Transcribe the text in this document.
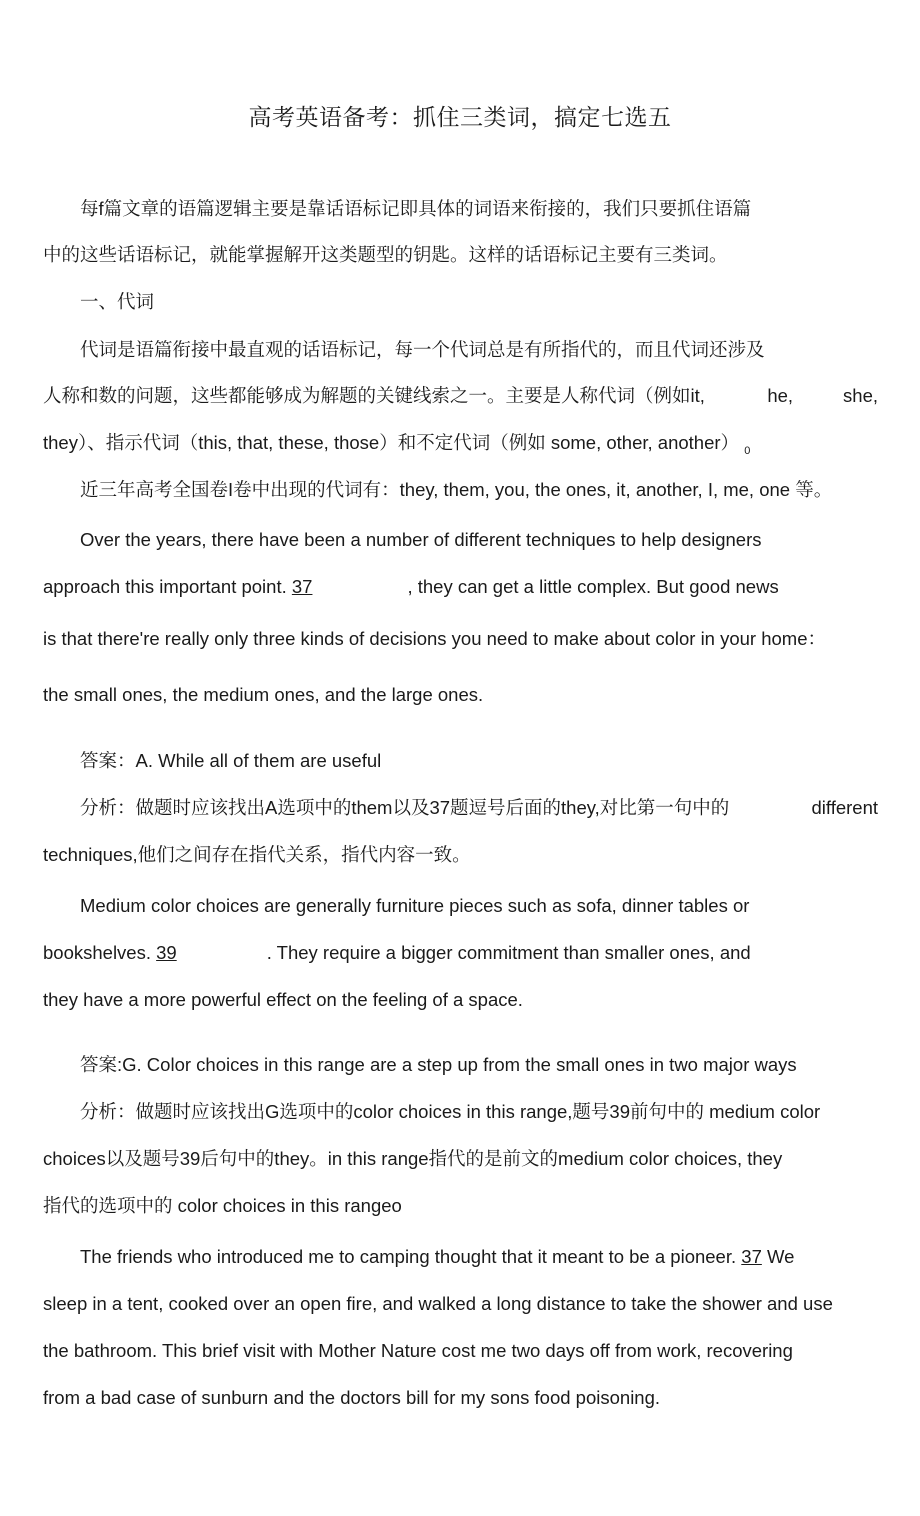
高考英语备考：抓住三类词，搞定七选五
每f篇文章的语篇逻辑主要是靠话语标记即具体的词语来衔接的，我们只要抓住语篇
中的这些话语标记，就能掌握解开这类题型的钥匙。这样的话语标记主要有三类词。
一、代词
代词是语篇衔接中最直观的话语标记，每一个代词总是有所指代的，而且代词还涉及
人称和数的问题，这些都能够成为解题的关键线索之一。主要是人称代词（例如it,	he,	she,
they）、指示代词（this, that, these, those）和不定代词（例如 some, other, another） $_0$
近三年高考全国卷I卷中出现的代词有：they, them, you, the ones, it, another, I, me, one 等。
Over the years, there have been a number of different techniques to help designers
approach this important point. 37	, they can get a little complex. But good news
is that there're really only three kinds of decisions you need to make about color in your home：
the small ones, the medium ones, and the large ones.
答案：A. While all of them are useful
分析：做题时应该找出A选项中的them以及37题逗号后面的they,对比第一句中的	different
techniques,他们之间存在指代关系，指代内容一致。
Medium color choices are generally furniture pieces such as sofa, dinner tables or
bookshelves. 39	. They require a bigger commitment than smaller ones, and
they have a more powerful effect on the feeling of a space.
答案:G. Color choices in this range are a step up from the small ones in two major ways
分析：做题时应该找出G选项中的color choices in this range,题号39前句中的 medium color
choices以及题号39后句中的they。in this range指代的是前文的medium color choices, they
指代的选项中的 color choices in this rangeo
The friends who introduced me to camping thought that it meant to be a pioneer. 37 We
sleep in a tent, cooked over an open fire, and walked a long distance to take the shower and use
the bathroom. This brief visit with Mother Nature cost me two days off from work, recovering
from a bad case of sunburn and the doctors bill for my sons food poisoning.
